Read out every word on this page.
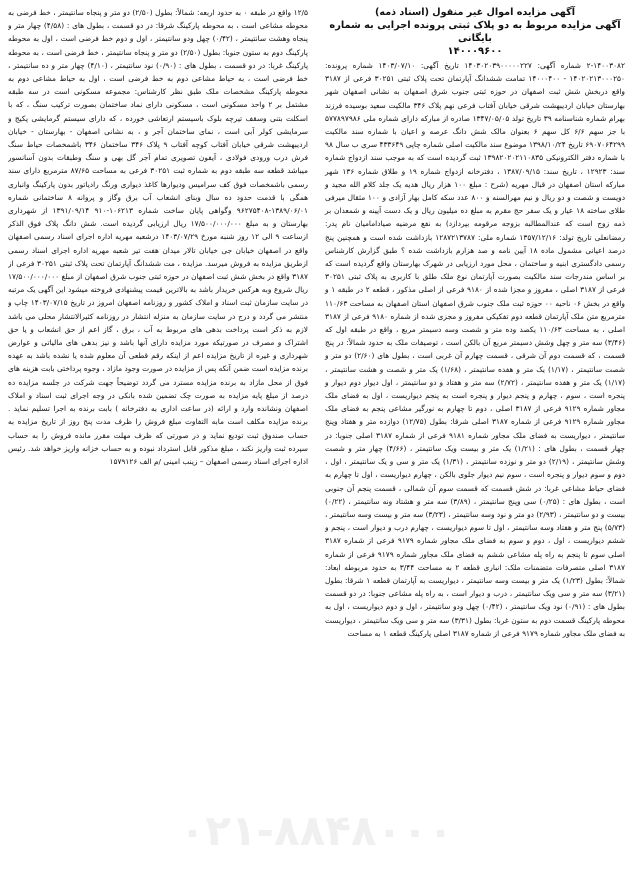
آگهی مزایده اموال غیر منقول (اسناد ذمه)

آگهی مزایده مربوط به دو پلاک ثبتی پرونده اجرایی به شماره بایگانی

۱۴۰۰۰۹۶۰۰

۲-۱۴۰۰۳۰۸۲ شماره آگهی: ۱۴۰۳۰۲۰۳۹۰۰۰۰۰۲۲۷ تاریخ آگهی: ۱۴۰۳/۰۷/۱۰ شماره پرونده: ۱۴۰۲۰۲۱۳۰۰۰۲۵۰ - ۱۴۰۰۰۴۰۰ تمامت ششدانگ آپارتمان تحت پلاک ثبتی ۳۰۲۵۱ فرعی از ۳۱۸۷ واقع دربخش شش ثبت اصفهان در حوزه ثبتی جنوب شرق اصفهان به نشانی اصفهان شهر بهارستان خیابان اردیبهشت شرقی خیابان آفتاب فرعی نهم پلاک ۳۴۶ مالکیت سعید بوسیده فرزند بهرام شماره شناسنامه ۳۹ تاریخ تولد ۱۳۴۷/۰۵/۰۵ صادره از مبارکه دارای شماره ملی ۵۷۷۸۹۷۹۸۶ با جز سهم ۶/۶ کل سهم ۶ بعنوان مالک شش دانگ عرصه و اعیان با شماره سند مالکیت ۶۹۰۷۰۶۴۲۹۹ تاریخ ۱۳۹۸/۱۰/۲۴ موضوع سند مالکیت اصلی شماره چاپی ۴۳۳۶۴۹ سری ب سال ۹۸ با شماره دفتر الکترونیکی ۱۳۹۸۲۰۲۰۲۱۱۰۸۳۵ ثبت گردیده است که به موجب سند ازدواج شماره سند: ۱۲۹۲۳ ، تاریخ سند: ۱۳۸۷/۰۹/۱۵ ، دفترخانه ازدواج شماره ۱۹ و طلاق شماره ۱۳۶ شهر مبارکه استان اصفهان در قبال مهریه (شرح : مبلغ ۱۰۰ هزار ریال هدیه یک جلد کلام الله مجید و دویست و شصت و دو ریال و نیم مهرالسنه و ۸۰۰ عدد سکه کامل بهار آزادی و ۱۰۰ مثقال میرفی طلای ساخته ۱۸ عیار و یک سفر حج مقرم به مبلغ ده میلیون ریال و یک دست آیینه و شمعدان بر ذمه زوج است که عندالمطالبه بزوجه مرقومه بپردازد) به نفع مرضیه صیادامامیان نام پدر: رمضانعلی تاریخ تولد: ۱۳۵۷/۱۲/۱۶ شماره ملی: ۱۲۸۷۲۱۳۷۸۷ بازداشت شده است و همچنین پنج درصد اعیانی مشمول ماده ۱۸ آیین نامه و صد هزارم بازداشت شده ؟ طبق گزارش کارشناس رسمی دادگستری ابنیه و ساختمان ، محل مورد ارزیابی در شهرک بهارستان واقع گردیده است که بر اساس مندرجات سند مالکیت بصورت آپارتمان نوع ملک طلق با کاربری به پلاک ثبتی ۳۰۲۵۱ فرعی از ۳۱۸۷ اصلی ، مفروز و مجزا شده از ۹۱۸۰ فرعی از اصلی مذکور ، قطعه ۲ در طبقه ۱ و واقع در بخش ۰۶ ناحیه ۰۰ حوزه ثبت ملک جنوب شرق اصفهان استان اصفهان به مساحت ۱۱۰/۶۳ مترمربع متن ملک آپارتمان قطعه دوم تفکیکی مفروز و مجزی شده از شماره ۹۱۸۰ فرعی از ۳۱۸۷ اصلی ، به مساحت ۱۱۰/۶۳ یکصد وده متر و شصت وسه دسیمتر مربع ، واقع در طبقه اول که (۳/۴۶) سه متر و چهل وشش دسیمتر مربع آن بالکن است ، توصیفات ملک به حدود شمالاً: در پنج قسمت ، که قسمت دوم آن شرقی ، قسمت چهارم آن غربی است ، بطول های (۲/۶۰) دو متر و شصت سانتیمتر ، (۱/۱۷) یک متر و هفده سانتیمتر ، (۱/۶۸) یک متر و شصت و هشت سانتیمتر ، (۱/۱۷) یک متر و هفده سانتیمتر ، (۲/۷۲) سه متر و هفتاد و دو سانتیمتر ، اول دیوار دوم دیوار و پنجره است ، سوم ، چهارم و پنجم دیوار و پنجره است به پنجم دیواریست ، اول به فضای ملک مجاور شماره ۹۱۲۹ فرعی از ۳۱۸۷ اصلی ، دوم تا چهارم به نورگیر مشاعی پنجم به فضای ملک مجاور شماره ۹۱۲۹ فرعی از شماره ۳۱۸۷ اصلی شرقا: بطول (۱۲/۷۵) دوازده متر و هفتاد وپنج سانتیمتر ، دیواریست به فضای ملک مجاور شماره ۹۱۸۱ فرعی از شماره ۳۱۸۷ اصلی جنوبا: در چهار قسمت ، بطول های : (۱/۲۱) یک متر و بیست ویک سانتیمتر ، (۴/۶۶) چهار متر و شصت وشش سانتیمتر ، (۲/۱۹) دو متر و نوزده سانتیمتر ، (۱/۳۱) یک متر و سی و یک سانتیمتر ، اول ، دوم و سوم دیوار و پنجره است ، سوم نیم دیوار جلوی بالکن ، چهارم دیواریست ، اول تا چهارم به فضای حیاط مشاعی غربا: در شش قسمت که قسمت سوم آن شمالی ، قسمت پنجم آن جنوبی است ، بطول های : (۰/۲۵) سی وپنج سانتیمتر ، (۳/۸۹) سه متر و هشتاد ونه سانتیمتر ، (۰/۲۲) بیست و دو سانتیمتر ، (۲/۹۳) دو متر و نود وسه سانتیمتر ، (۳/۲۳) سه متر و بیست وسه سانتیمتر ، (۵/۷۳) پنج متر و هفتاد وسه سانتیمتر ، اول تا سوم دیواریست ، چهارم درب و دیوار است ، پنجم و ششم دیواریست ، اول ، دوم و سوم به فضای ملک مجاور شماره ۹۱۷۹ فرعی از شماره ۳۱۸۷ اصلی سوم تا پنجم به راه پله مشاعی ششم به فضای ملک مجاور شماره ۹۱۷۹ فرعی از شماره ۳۱۸۷ اصلی متصرفات متضمنات ملک: انباری قطعه ۲ به مساحت ۳/۴۴ به حدود مربوطه ابعاد: شمالاً: بطول (۱/۲۳) یک متر و بیست وسه سانتیمتر ، دیواریست به آپارتمان قطعه ۱ شرقا: بطول (۳/۲۱) سه متر و سی ویک سانتیمتر ، درب و دیوار است ، به راه پله مشاعی جنوبا: در دو قسمت بطول های : (۰/۹۱) نود ویک سانتیمتر ، (۰/۴۲) چهل ودو سانتیمتر ، اول و دوم دیواریست ، اول به محوطه پارکینگ قسمت دوم به ستون غربا: بطول (۳/۳۱) سه متر و سی ویک سانتیمتر ، دیواریست به فضای ملک مجاور شماره ۹۱۷۹ فرعی از شماره ۳۱۸۷ اصلی پارکینگ قطعه ۱ به مساحت

۱۲/۵ واقع در طبقه ۰ به حدود اربعه: شمالاً: بطول (۲/۵۰) دو متر و پنجاه سانتیمتر ، خط فرضی به محوطه مشاعی است ، به محوطه پارکینگ شرقا: در دو قسمت ، بطول های : (۴/۵۸) چهار متر و پنجاه وهشت سانتیمتر ، (۰/۴۲) چهل ودو سانتیمتر ، اول و دوم خط فرضی است ، اول به محوطه پارکینگ دوم به ستون جنوبا: بطول (۲/۵۰) دو متر و پنجاه سانتیمتر ، خط فرضی است ، به محوطه پارکینگ غربا: در دو قسمت ، بطول های : (۰/۹۰) نود سانتیمتر ، (۴/۱۰) چهار متر و ده سانتیمتر ، خط فرضی است ، به حیاط مشاعی دوم به خط فرضی است ، اول به حیاط مشاعی دوم به محوطه پارکینگ مشخصات ملک طبق نظر کارشناس: مجموعه مسکونی است در سه طبقه مشتمل بر ۲ واحد مسکونی است ، مسکونی دارای نماد ساختمان بصورت ترکیب سنگ ، که با اسکلت بتنی وسقف تیرچه بلوک باسیستم ارتعاشی خورده ، که دارای سیستم گرمایشی پکیج و سرمایشی کولر آبی است ، نمای ساختمان آجر و ، به نشانی اصفهان - بهارستان - خیابان اردیبهشت شرقی خیابان آفتاب کوچه آفتاب ۹ پلاک ۳۴۶ ساختمان ۳۴۶ باشمخصات حیاط سنگ فرش درب ورودی فولادی ، آیفون تصویری تمام آجر گل بهی و سنگ وطبقات بدون آسانسور میباشد قطعه سه طبقه دوم به شماره ثبت ۳۰۲۵۱ فرعی به مساحت ۸۷/۶۵ مترمربع دارای سند رسمی باشمخصات فوق کف سرامیس ودیوارها کاغذ دیواری ورنگ رادیاتور بدون پارکینگ وانباری همگی با قدمت حدود ده سال وبنای انشعاب آب برق وگاز و پروانه ۸ ساختمانی شماره ۱۳۸۹/۰۶/۰۱-۹۶۲۷۵۴۰۸ وگواهی پایان ساخت شماره ۱۰۶۲۱۳-۹۱۰ ۱۳۹۱/۰۹/۱۴ از شهرداری بهارستان و به مبلغ ۱۷/۵۰۰/۰۰۰/۰۰۰ ریال ارزیابی گردیده است. شش دانگ پلاک فوق الذکر ازساعت ۹ الی ۱۲ روز شنبه مورخ ۱۴۰۳/۰۷/۲۹ درشعبه مهریه اداره اجرای اسناد رسمی اصفهان واقع در اصفهان خیابان جی خیابان تالار میدان هفت تیر شعبه مهریه اداره اجرای اسناد رسمی ازطریق مزایده به فروش میرسد. مزایده ، مت ششدانگ آپارتمان تحت پلاک ثبتی ۳۰۲۵۱ فرعی از ۳۱۸۷ واقع در بخش شش ثبت اصفهان در حوزه ثبتی جنوب شرق اصفهان از مبلغ ۱۷/۵۰۰/۰۰۰/۰۰۰ ریال شروع وبه هرکس خریدار باشد به بالاترین قیمت پیشنهادی فروخته میشود این آگهی یک مرتبه در سایت سازمان ثبت اسناد و املاک کشور و روزنامه اصفهان امروز در تاریخ ۱۴۰۳/۰۷/۱۵ چاپ و منتشر می گردد و درج در سایت سازمان به منزله انتشار در روزنامه کثیرالانتشار محلی می باشد لازم به ذکر است پرداخت بدهی های مربوط به آب ، برق ، گاز اعم از حق انشعاب و یا حق اشتراک و مصرف در صورتیکه مورد مزایده دارای آنها باشد و نیز بدهی های مالیاتی و عوارض شهرداری و غیره از تاریخ مزایده اعم از اینکه رقم قطعی آن معلوم شده یا نشده باشد به عهده برنده مزایده است ضمن آنکه پس از مزایده در صورت وجود مازاد ، وجوه پرداختی بابت هزینه های فوق از محل مازاد به برنده مزایده مسترد می گردد توضیحاً جهت شرکت در جلسه مزایده ده درصد از مبلغ پایه مزایده به صورت چک تضمین شده بانکی در وجه اجرای ثبت اسناد و املاک اصفهان ونشانده وارد و ارائه (در ساعت اداری به دفترخانه ) بابت برنده به اجرا تسلیم نماید . برنده مزایده مکلف است مابه التفاوت مبلغ فروش را ظرف مدت پنج روز از تاریخ مزایده به حساب صندوق ثبت تودیع نماید و در صورتی که ظرف مهلت مقرر مانده فروش را به حساب سپرده ثبت واریز نکند ، مبلغ مذکور قابل استرداد نبوده و به حساب خزانه واریز خواهد شد. رئیس اداره اجرای اسناد رسمی اصفهان – زینب امینی /م الف ۱۵۷۹۱۲۶

۰۲۱-۸۸۴۸۰۰۰
